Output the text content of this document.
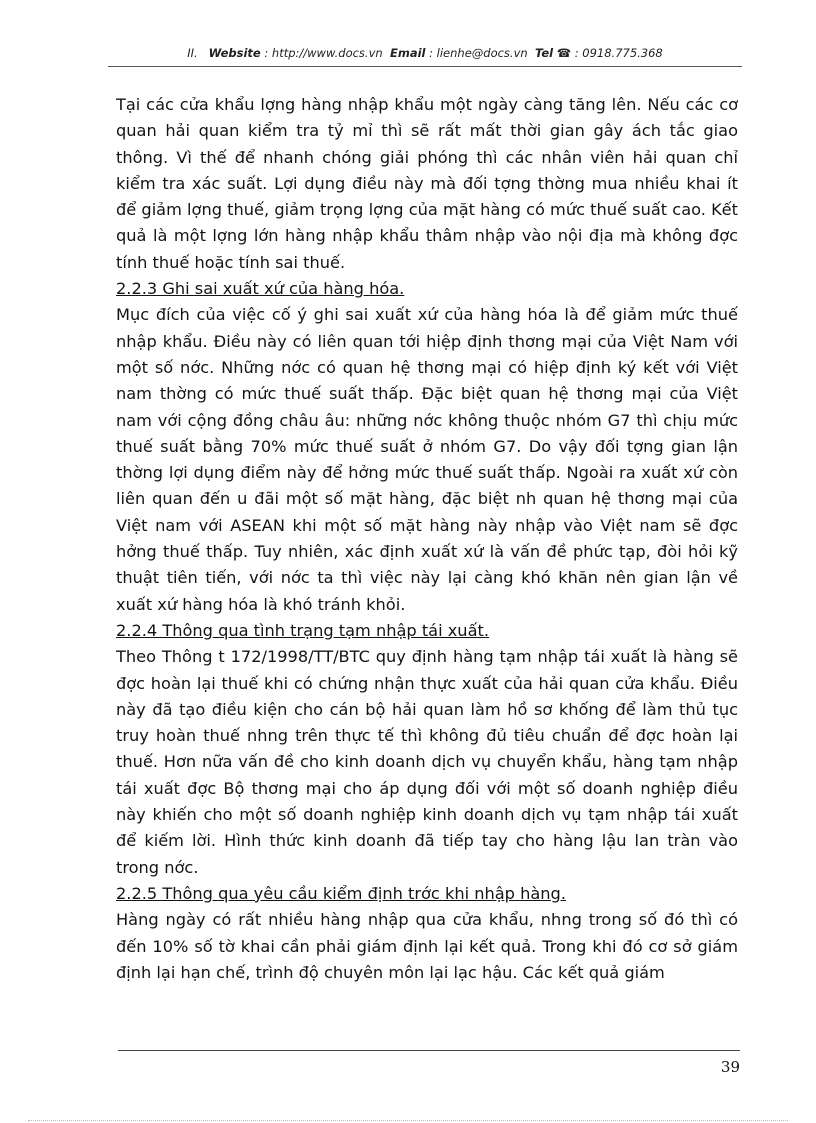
II. Website : http://www.docs.vn Email : lienhe@docs.vn Tel ☎ : 0918.775.368

Tại các cửa khẩu lợng hàng nhập khẩu một ngày càng tăng lên. Nếu các cơ quan hải quan kiểm tra tỷ mỉ thì sẽ rất mất thời gian gây ách tắc giao thông. Vì thế để nhanh chóng giải phóng thì các nhân viên hải quan chỉ kiểm tra xác suất. Lợi dụng điều này mà đối tợng thờng mua nhiều khai ít để giảm lợng thuế, giảm trọng lợng của mặt hàng có mức thuế suất cao. Kết quả là một lợng lớn hàng nhập khẩu thâm nhập vào nội địa mà không đợc tính thuế hoặc tính sai thuế.

2.2.3 Ghi sai xuất xứ của hàng hóa.

Mục đích của việc cố ý ghi sai xuất xứ của hàng hóa là để giảm mức thuế nhập khẩu. Điều này có liên quan tới hiệp định thơng mại của Việt Nam với một số nớc. Những nớc có quan hệ thơng mại có hiệp định ký kết với Việt nam thờng có mức thuế suất thấp. Đặc biệt quan hệ thơng mại của Việt nam với cộng đồng châu âu: những nớc không thuộc nhóm G7 thì chịu mức thuế suất bằng 70% mức thuế suất ở nhóm G7. Do vậy đối tợng gian lận thờng lợi dụng điểm này để hởng mức thuế suất thấp. Ngoài ra xuất xứ còn liên quan đến u đãi một số mặt hàng, đặc biệt nh quan hệ thơng mại của Việt nam với ASEAN khi một số mặt hàng này nhập vào Việt nam sẽ đợc hởng thuế thấp. Tuy nhiên, xác định xuất xứ là vấn đề phức tạp, đòi hỏi kỹ thuật tiên tiến, với nớc ta thì việc này lại càng khó khăn nên gian lận về xuất xứ hàng hóa là khó tránh khỏi.

2.2.4 Thông qua tình trạng tạm nhập tái xuất.

Theo Thông t 172/1998/TT/BTC quy định hàng tạm nhập tái xuất là hàng sẽ đợc hoàn lại thuế khi có chứng nhận thực xuất của hải quan cửa khẩu. Điều này đã tạo điều kiện cho cán bộ hải quan làm hồ sơ khống để làm thủ tục truy hoàn thuế nhng trên thực tế thì không đủ tiêu chuẩn để đợc hoàn lại thuế. Hơn nữa vấn đề cho kinh doanh dịch vụ chuyển khẩu, hàng tạm nhập tái xuất đợc Bộ thơng mại cho áp dụng đối với một số doanh nghiệp điều này khiến cho một số doanh nghiệp kinh doanh dịch vụ tạm nhập tái xuất để kiếm lời. Hình thức kinh doanh đã tiếp tay cho hàng lậu lan tràn vào trong nớc.

2.2.5 Thông qua yêu cầu kiểm định trớc khi nhập hàng.

Hàng ngày có rất nhiều hàng nhập qua cửa khẩu, nhng trong số đó thì có đến 10% số tờ khai cần phải giám định lại kết quả. Trong khi đó cơ sở giám định lại hạn chế, trình độ chuyên môn lại lạc hậu. Các kết quả giám

39
